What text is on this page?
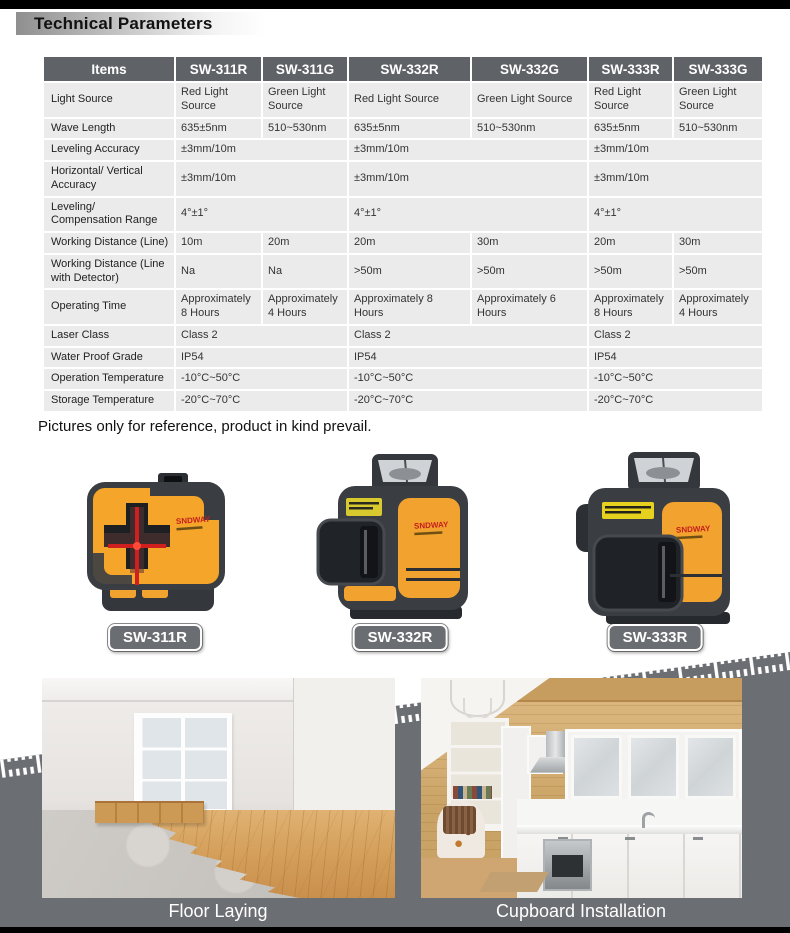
Technical Parameters
Items	SW-311R	SW-311G	SW-332R	SW-332G	SW-333R	SW-333G
Light Source	Red Light Source	Green Light Source	Red Light Source	Green Light Source	Red Light Source	Green Light Source
Wave Length	635±5nm	510~530nm	635±5nm	510~530nm	635±5nm	510~530nm
Leveling Accuracy	±3mm/10m		±3mm/10m		±3mm/10m	
Horizontal/ Vertical Accuracy	±3mm/10m		±3mm/10m		±3mm/10m	
Leveling/ Compensation Range	4°±1°		4°±1°		4°±1°	
Working Distance (Line)	10m	20m	20m	30m	20m	30m
Working Distance (Line with Detector)	Na	Na	>50m	>50m	>50m	>50m
Operating Time	Approximately 8 Hours	Approximately 4 Hours	Approximately 8 Hours	Approximately 6 Hours	Approximately 8 Hours	Approximately 4 Hours
Laser Class	Class 2		Class 2		Class 2	
Water Proof Grade	IP54		IP54		IP54	
Operation Temperature	-10°C~50°C		-10°C~50°C		-10°C~50°C	
Storage Temperature	-20°C~70°C		-20°C~70°C		-20°C~70°C	
Pictures only for reference, product in kind prevail.
SNDWAY
SW-311R
SNDWAY
SW-332R
SNDWAY
SW-333R
Floor Laying	Cupboard Installation
